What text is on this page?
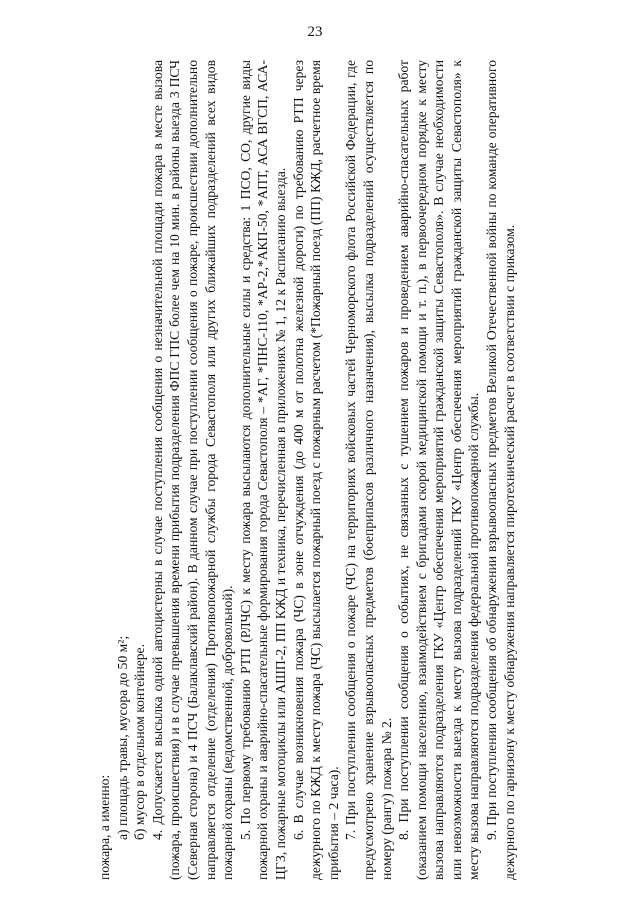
23

пожара, а именно: а) площадь травы, мусора до 50 м²; б) мусор в отдельном контейнере. 4. Допускается высылка одной автоцистерны в случае поступления сообщения о незначительной площади пожара в месте вызова (пожара, происшествия) и в случае превышения времени прибытия подразделения ФПС ГПС более чем на 10 мин. в районы выезда 3 ПСЧ (Северная сторона) и 4 ПСЧ (Балаклавский район). В данном случае при поступлении сообщения о пожаре, происшествии дополнительно направляется отделение (отделения) Противопожарной службы города Севастополя или других ближайших подразделений всех видов пожарной охраны (ведомственной, добровольной). 5. По первому требованию РТП (РЛЧС) к месту пожара высылаются дополнительные силы и средства: 1 ПСО, СО, другие виды пожарной охраны и аварийно-спасательные формирования города Севастополя – *АГ, *ПНС-110, *АР-2,*АКП-50, *АПТ, АСА ВГСП, АСА-ЦГЗ, пожарные мотоциклы или АШП-2, ПП КЖД и техника, перечисленная в приложениях № 1, 12 к Расписанию выезда. 6. В случае возникновения пожара (ЧС) в зоне отчуждения (до 400 м от полотна железной дороги) по требованию РТП через дежурного по КЖД к месту пожара (ЧС) высылается пожарный поезд с пожарным расчетом (*Пожарный поезд (ПП) КЖД, расчетное время прибытия – 2 часа). 7. При поступлении сообщения о пожаре (ЧС) на территориях войсковых частей Черноморского флота Российской Федерации, где предусмотрено хранение взрывоопасных предметов (боеприпасов различного назначения), высылка подразделений осуществляется по номеру (рангу) пожара № 2. 8. При поступлении сообщения о событиях, не связанных с тушением пожаров и проведением аварийно-спасательных работ (оказанием помощи населению, взаимодействием с бригадами скорой медицинской помощи и т. п.), в первоочередном порядке к месту вызова направляются подразделения ГКУ «Центр обеспечения мероприятий гражданской защиты Севастополя». В случае необходимости или невозможности выезда к месту вызова подразделений ГКУ «Центр обеспечения мероприятий гражданской защиты Севастополя» к месту вызова направляются подразделения федеральной противопожарной службы. 9. При поступлении сообщения об обнаружении взрывоопасных предметов Великой Отечественной войны по команде оперативного дежурного по гарнизону к месту обнаружения направляется пиротехнический расчет в соответствии с приказом.
